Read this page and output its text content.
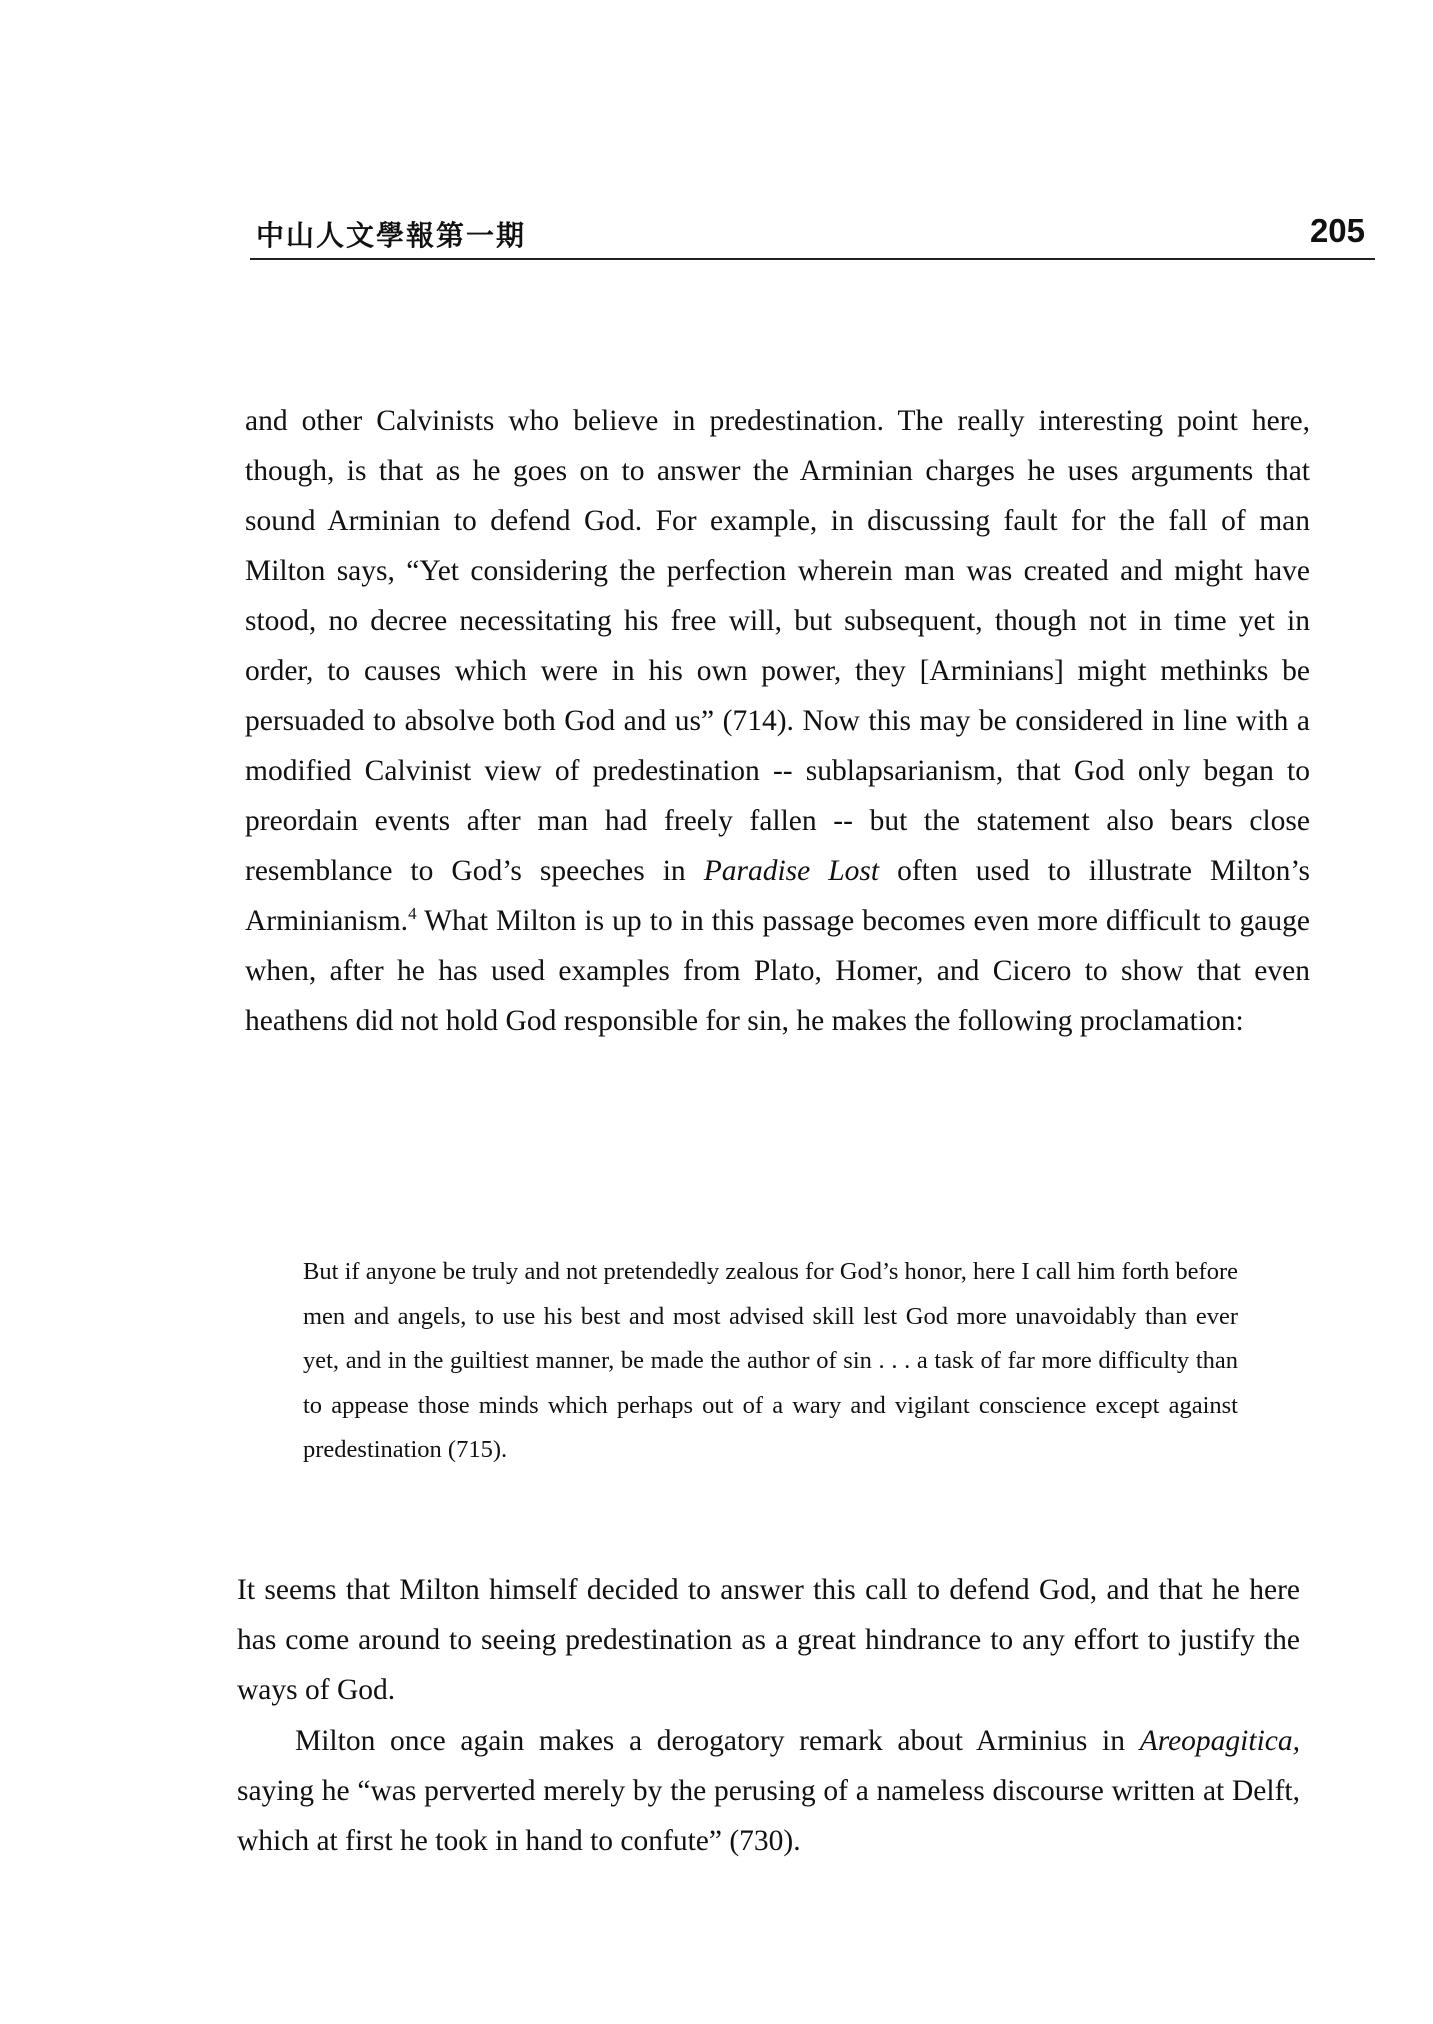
中山人文學報第一期	205

and other Calvinists who believe in predestination. The really interesting point here, though, is that as he goes on to answer the Arminian charges he uses arguments that sound Arminian to defend God. For example, in discussing fault for the fall of man Milton says, “Yet considering the perfection wherein man was created and might have stood, no decree necessitating his free will, but subsequent, though not in time yet in order, to causes which were in his own power, they [Arminians] might methinks be persuaded to absolve both God and us” (714). Now this may be considered in line with a modified Calvinist view of predestination -- sublapsarianism, that God only began to preordain events after man had freely fallen -- but the statement also bears close resemblance to God’s speeches in Paradise Lost often used to illustrate Milton’s Arminianism.$^4$ What Milton is up to in this passage becomes even more difficult to gauge when, after he has used examples from Plato, Homer, and Cicero to show that even heathens did not hold God responsible for sin, he makes the following proclamation:

But if anyone be truly and not pretendedly zealous for God’s honor, here I call him forth before men and angels, to use his best and most advised skill lest God more unavoidably than ever yet, and in the guiltiest manner, be made the author of sin . . . a task of far more difficulty than to appease those minds which perhaps out of a wary and vigilant conscience except against predestination (715).

It seems that Milton himself decided to answer this call to defend God, and that he here has come around to seeing predestination as a great hindrance to any effort to justify the ways of God.

Milton once again makes a derogatory remark about Arminius in Areopagitica, saying he “was perverted merely by the perusing of a nameless discourse written at Delft, which at first he took in hand to confute” (730).
